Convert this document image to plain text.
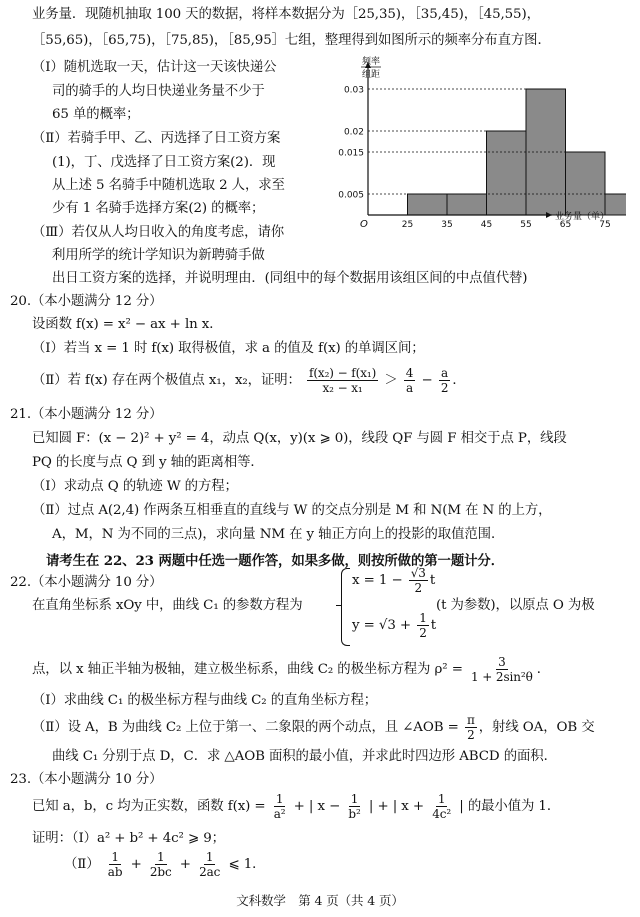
业务量．现随机抽取 100 天的数据，将样本数据分为［25,35)，［35,45)，［45,55)，
［55,65)，［65,75)，［75,85)，［85,95］七组，整理得到如图所示的频率分布直方图．
（Ⅰ）随机选取一天，估计这一天该快递公
司的骑手的人均日快递业务量不少于
65 单的概率；
（Ⅱ）若骑手甲、乙、丙选择了日工资方案
(1)，丁、戊选择了日工资方案(2)．现
从上述 5 名骑手中随机选取 2 人，求至
少有 1 名骑手选择方案(2) 的概率；
（Ⅲ）若仅从人均日收入的角度考虑，请你
利用所学的统计学知识为新聘骑手做
出日工资方案的选择，并说明理由．(同组中的每个数据用该组区间的中点值代替)
0.005
0.015
0.02
0.03
25	35	45	55	65	75
O
频率
组距
业务量（单）
20.（本小题满分 12 分）
设函数 f(x) = x² − ax + ln x．
（Ⅰ）若当 x = 1 时 f(x) 取得极值，求 a 的值及 f(x) 的单调区间；
（Ⅱ）若 f(x) 存在两个极值点 x₁，x₂，证明： $\frac{\text{f(x₂) − f(x₁)}}{\text{x₂ − x₁}} > \frac{4}{a} - \frac{a}{2}$ ．
21.（本小题满分 12 分）
已知圆 F：(x − 2)² + y² = 4，动点 Q(x，y)(x ⩾ 0)，线段 QF 与圆 F 相交于点 P，线段
PQ 的长度与点 Q 到 y 轴的距离相等．
（Ⅰ）求动点 Q 的轨迹 W 的方程；
（Ⅱ）过点 A(2,4) 作两条互相垂直的直线与 W 的交点分别是 M 和 N(M 在 N 的上方，
A，M，N 为不同的三点)，求向量 NM 在 y 轴正方向上的投影的取值范围．
请考生在 22、23 两题中任选一题作答，如果多做，则按所做的第一题计分．
22.（本小题满分 10 分）
在直角坐标系 xOy 中，曲线 C₁ 的参数方程为
$x = 1 - \frac{√3}{2}$ t
$y = √3 + \frac{1}{2}$ t
(t 为参数)，以原点 O 为极
点，以 x 轴正半轴为极轴，建立极坐标系，曲线 C₂ 的极坐标方程为 $\rho^2 = \frac{3}{\text{1 + 2sin²θ}}$ ．
（Ⅰ）求曲线 C₁ 的极坐标方程与曲线 C₂ 的直角坐标方程；
（Ⅱ）设 A，B 为曲线 C₂ 上位于第一、二象限的两个动点，且 ∠AOB = $\frac{\pi}{2}$ ，射线 OA，OB 交
曲线 C₁ 分别于点 D，C．求 △AOB 面积的最小值，并求此时四边形 ABCD 的面积．
23.（本小题满分 10 分）
已知 a，b，c 均为正实数，函数 $f(x) = \frac{1}{\text{a²}}$ + | $x - \frac{1}{\text{b²}}$ | + | $x + \frac{1}{\text{4c²}}$ | 的最小值为 1．
证明：（Ⅰ）a² + b² + 4c² ⩾ 9；
（Ⅱ） $\frac{1}{ab} + \frac{1}{2bc} + \frac{1}{2ac}$ ⩽ 1．
文科数学　第 4 页（共 4 页）
